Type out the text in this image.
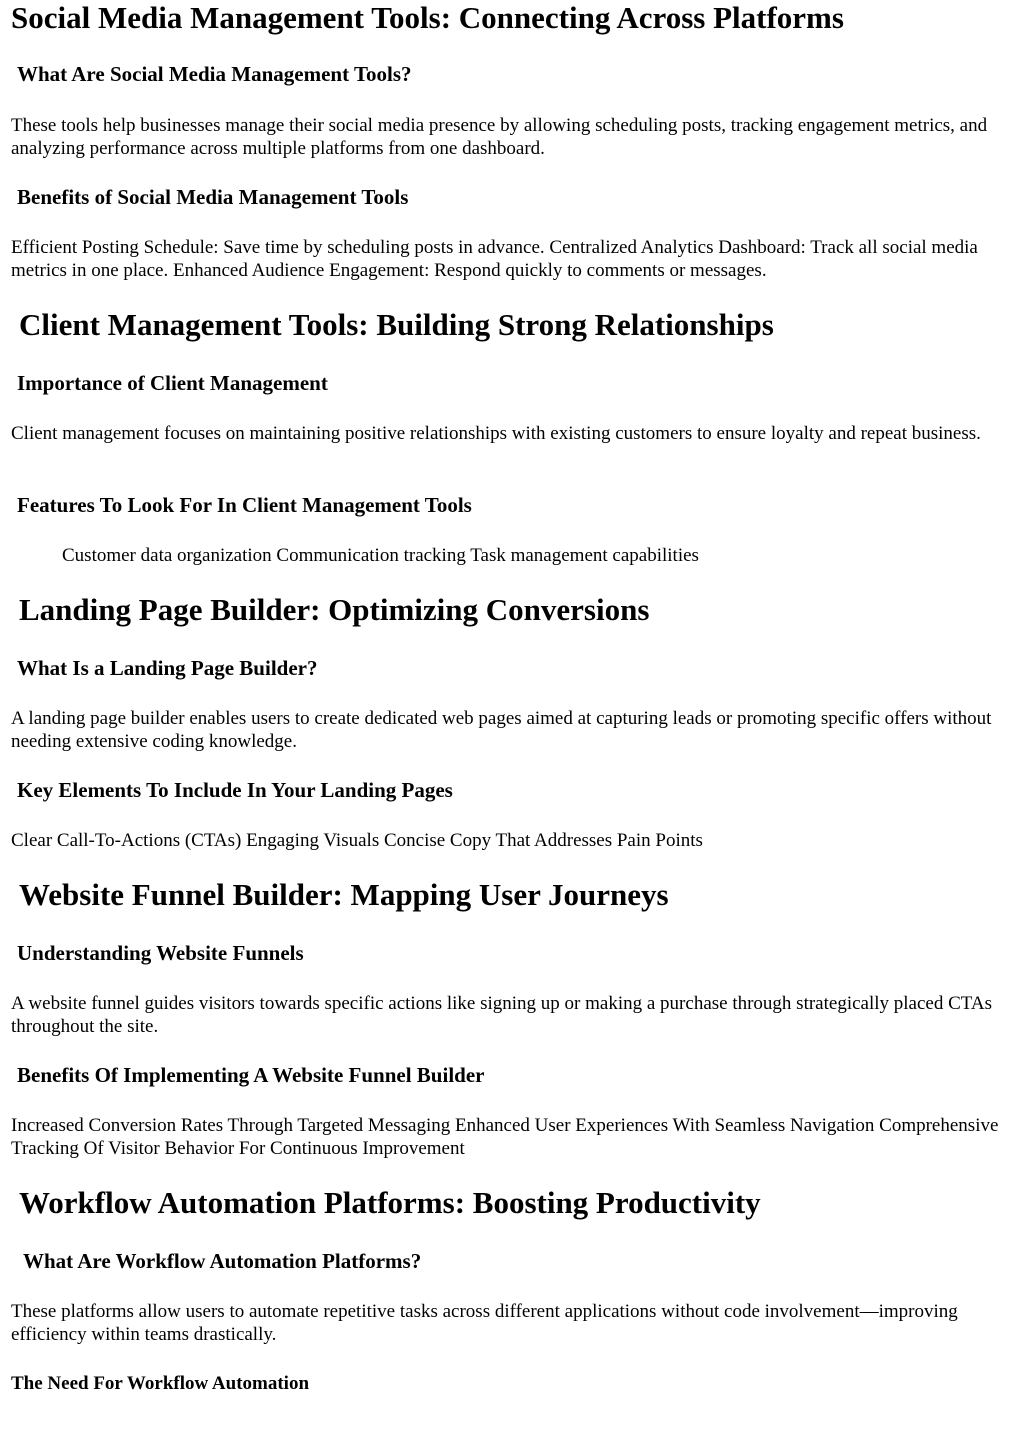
Social Media Management Tools: Connecting Across Platforms
What Are Social Media Management Tools?

These tools help businesses manage their social media presence by allowing scheduling posts, tracking engagement metrics, and analyzing performance across multiple platforms from one dashboard.

Benefits of Social Media Management Tools

Efficient Posting Schedule: Save time by scheduling posts in advance. Centralized Analytics Dashboard: Track all social media metrics in one place. Enhanced Audience Engagement: Respond quickly to comments or messages.

Client Management Tools: Building Strong Relationships
Importance of Client Management

Client management focuses on maintaining positive relationships with existing customers to ensure loyalty and repeat business.

Features To Look For In Client Management Tools

Customer data organization Communication tracking Task management capabilities

Landing Page Builder: Optimizing Conversions
What Is a Landing Page Builder?

A landing page builder enables users to create dedicated web pages aimed at capturing leads or promoting specific offers without needing extensive coding knowledge.

Key Elements To Include In Your Landing Pages

Clear Call-To-Actions (CTAs) Engaging Visuals Concise Copy That Addresses Pain Points

Website Funnel Builder: Mapping User Journeys
Understanding Website Funnels

A website funnel guides visitors towards specific actions like signing up or making a purchase through strategically placed CTAs throughout the site.

Benefits Of Implementing A Website Funnel Builder

Increased Conversion Rates Through Targeted Messaging Enhanced User Experiences With Seamless Navigation Comprehensive Tracking Of Visitor Behavior For Continuous Improvement

Workflow Automation Platforms: Boosting Productivity
What Are Workflow Automation Platforms?

These platforms allow users to automate repetitive tasks across different applications without code involvement—improving efficiency within teams drastically.

The Need For Workflow Automation
